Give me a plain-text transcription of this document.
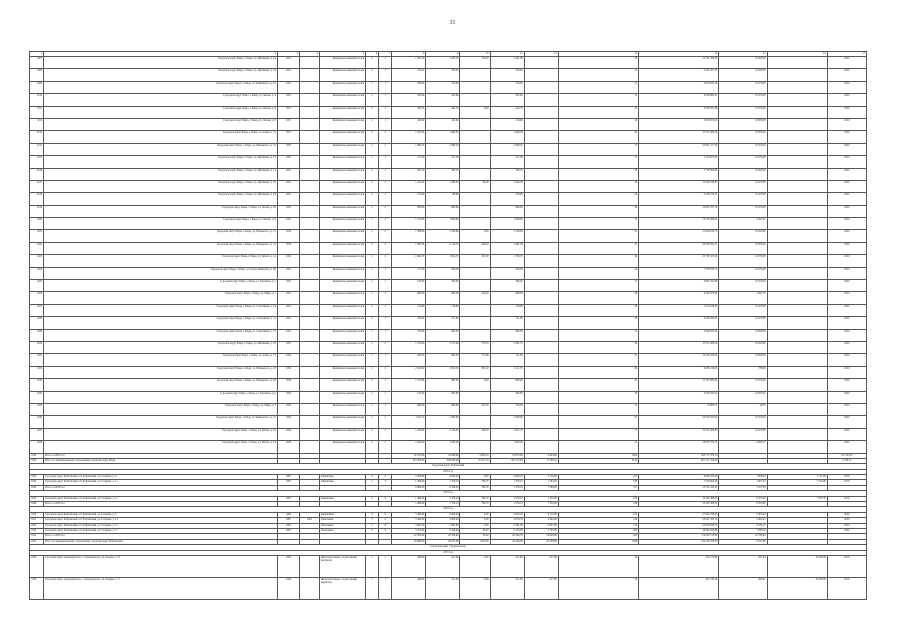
31
1	2	3	4	5	6	7	8	9	10	11	12	13	14	15	16	17
1907	Городской округ Ревда, г. Ревда, ул. Цветников, д. 22	1951		Кирпичные каменные блоки	2	1	1 565,50	1 765,10	133,40	1 431,80		38	10 167 200,00	10 000,00		2020
1908	Городской округ Ревда, г. Ревда, ул. Цветников, д. 24	1951		Кирпичные каменные блоки	2	1	578,10	559,40		559,40		21	4 405 457,20	10 000,00		2020
1909	Городской округ Ревда, г. Ревда, ул. Чайковского, д. 61	1951		Кирпичные каменные блоки	2	1	509,00	516,00		516,00		27	4 879 841,20	10 070,00		2020
1910	Городской округ Ревда, г. Ревда, ул. Чехова, д. 4	1951		Кирпичные каменные блоки	2	1	425,60	425,60		425,60		11	4 009 860,31	10 070,00		2020
1911	Городской округ Ревда, г. Ревда, ул. Чехова, д. 6	1951		Кирпичные каменные блоки	2	1	425,70	425,70	0,00	425,70		23	4 063 821,38	10 070,00		2020
1912	Городской округ Ревда, г. Ревда, ул. Чехова, д. 8	1951		Кирпичные каменные блоки	2	1	418,40	418,60		418,60		16	3 632 974,20	10 000,00		2020
1913	Городской округ Ревда, г. Ревда, ул. Азина, д. 71	1951		Кирпичные каменные блоки	2	2	1 647,90	1 606,30		1 606,30		66	10 711 400,19	10 000,00		2020
1914	Городской округ Ревда, г. Ревда, ул. Жуковского, д. 19	1953		Кирпичные каменные блоки	2	2	1 999,10	1 999,20		1 999,20		71	23 891 277,30	10 070,00		2020
1915	Городской округ Ревда, г. Ревда, ул. Цветников, д. 19	1953		Кирпичные каменные блоки	2	1	511,30	511,30		511,30		17	5 743 657,81	10 070,00		2020
1916	Городской округ Ревда, г. Ревда, ул. Цветников, д. 21	1953		Кирпичные каменные блоки	2	1	585,10	585,10		585,10		36	5 726 393,84	10 000,00		2020
1917	Городской округ Ревда, г. Ревда, ул. Цветников, д. 25	1953		Кирпичные каменные блоки	2	2	1 414,40	1 389,30	85,00	1 304,30		46	19 349 799,87	10 070,00		2020
1918	Городской округ Ревда, г. Ревда, ул. Цветников, д. 28	1953		Кирпичные каменные блоки	2	1	573,40	538,90		538,90		24	6 198 723,01	10 070,00		2020
1919	Городской округ Ревда, г. Ревда, ул. Чехова, д. 20	1953		Кирпичные каменные блоки	2	2	985,60	894,00		894,00		26	10 823 707,72	10 070,00		2020
1920	Городской округ Ревда, г. Ревда, ул. Чехова, д. 9	1953		Кирпичные каменные блоки	2	2	1 153,00	1 009,60		1 009,60		35	13 579 480,41	6 501,01		2020
1921	Городской округ Ревда, г. Ревда, ул. Жуковского, д. 15	1954		Кирпичные каменные блоки	2	2	1 588,90	1 538,00	0,00	1 538,00		31	21 684 819,75	10 000,00		2020
1922	Городской округ Ревда, г. Ревда, ул. Жуковского, д. 21	1954		Кирпичные каменные блоки	2	2	1 893,90	2 119,70	408,40	1 681,30		47	20 009 491,17	10 000,00		2020
1923	Городской округ Ревда, г. Ревда, ул. Чехова, д. 14	1954		Кирпичные каменные блоки	2	2	1 964,70	1 954,70	191,00	1 763,70		49	20 765 167,49	10 070,00		2020
1924	Городской округ Ревда, г. Ревда, ул. Карла Либкнехта, д. 96	1955		Кирпичные каменные блоки	2	1	717,20	650,20		650,20		24	7 758 535,15	10 070,00		2020
1925	Городской округ Ревда, г. Ревда, ул. Карпинск, д. 5	1955		Кирпичные каменные блоки	2	1	613,00	586,00		586,00		27	6 887 254,08	10 070,00		2020
1926	Городской округ Ревда, г. Ревда, ул. Мира, д. 1	1955		Кирпичные каменные блоки	2	2	904,90	804,20	104,20	698,82		36	9 300 672,94	1 661,70		2020
1927	Городской округ Ревда, г. Ревда, ул. Спортивная, д. 19	1955		Кирпичные каменные блоки	2	1	710,80	718,80		718,80		29	7 014 938,60	10 070,00		2020
1928	Городской округ Ревда, г. Ревда, ул. Спортивная, д. 11	1955		Кирпичные каменные блоки	2	1	763,00	721,90		721,90		28	8 248 293,91	10 070,00		2020
1929	Городской округ Ревда, г. Ревда, ул. Спортивная, д. 15	1955		Кирпичные каменные блоки	2	1	522,60	492,50		492,50		21	5 909 327,24	10 000,00		2020
1930	Городской округ Ревда, г. Ревда, ул. Цветников, д. 23	1955		Кирпичные каменные блоки	2	2	1 270,40	1 271,40	170,70	1 061,70		38	15 511 408,59	10 000,00		2020
1931	Городской округ Ревда, г. Ревда, ул. Азина, д. 71	1956		Кирпичные каменные блоки	2	1	943,30	893,50	171,60	721,90		31	10 329 415,20	10 000,00		2020
1932	Городской округ Ревда, г. Ревда, ул. Жуковского, д. 23	1956		Кирпичные каменные блоки	2	2	2 543,00	2 502,50	391,20	2 111,70		69	9 086 210,65	788,96		2020
1933	Городской округ Ревда, г. Ревда, ул. Жуковского, д. 28	1956		Кирпичные каменные блоки	2	1	1 275,80	860,00	0,00	860,00		45	12 767 685,00	10 070,00		2020
1934	Городской округ Ревда, г. Ревда, ул. Карпинск, д. 6	1956		Кирпичные каменные блоки	2	1	513,40	482,80		482,80		30	6 026 593,53	10 000,00		2020
1935	Городской округ Ревда, г. Ревда, ул. Мира, д. 3	1956		Кирпичные каменные блоки	2	1	986,90	890,90	147,50	743,40		32	70 863,71	29,35		2020
1936	Городской округ Ревда, г. Ревда, ул. Чайковского, д. 25	1956		Кирпичные каменные блоки	2	2	1 811,10	1 909,90		1 909,90		67	23 004 103,95	10 070,00		2020
1937	Городской округ Ревда, г. Ревда, ул. Чехова, д. 22	1956		Кирпичные каменные блоки	2	2	1 958,40	2 124,40	196,70	1 927,70		77	22 007 468,80	10 070,00		2020
1938	Городской округ Ревда, г. Ревда, ул. Чехова, д. 18	1958		Кирпичные каменные блоки	2	2	1 629,40	1 959,40		1 959,40		41	18 807 070,72	6 964,27		2020
1939	Итого за 2020 год						36 317,60	34 568,90	2 693,10	31 875,80	6 444,60	1006	500 757 479,13			161 145,27
1940	Итого по муниципальному образованию городской округ Ревда						312 368,60	309 363,49	67 017,10	262 115,99	17 788,52	6116	901 217 414,24			2 320,12
Городской округ Рефтинский																
2018 год																
1943	Городской округ Рефтинский, пгт Рефтинский, ул. Гагарина, д. 9	1965		Кирпичные	4	6	5 389,80	4 820,20	0,00	4 820,20	4 710,00	215	8 064 270,26	1 609,02	7 721,89	2018
1944	Городской округ Рефтинский, пгт Рефтинский, ул. Гагарина, д. 11	1967		Кирпичные	2	3	1 499,60	1 376,10	784,70	1 376,10	1 563,00	186	7 039 062,95	1 607,22	7 722,89	2018
1945	Итого за 2018 год						6 889,40	6 196,30	784,70	7 470,19	7 280,00	317	14 791 241,23	3 357,94		
2019 год																
1947	Городской округ Рефтинский, пгт Рефтинский, ул. Гагарина, д. 11	1967		Кирпичные	2	6	1 499,60	1 376,10	784,70	1 570,10	1 350,00	186	10 265 388,30	6 853,06	7 232,79	2019
1948	Итого за 2019 год						1 499,60	1 376,10	784,70	1 570,10	1 350,00	186	10 265 388,30	6 853,06		
2020 год																
1950	Городской округ Рефтинский, пгт Рефтинский, ул. Гагарина, д. 5	1966		Кирпичные	4	6	5 389,80	4 820,20	0,00	4 820,20	4 710,00	215	27 964 708,45	5 803,04		2020
1951	Городской округ Рефтинский, пгт Рефтинский, ул. Гагарина, д. 14	1967	2001	Панельные	5	6	5 940,90	5 000,20	0,00	4 876,70	4 442,00	216	23 041 353,72	2 804,25		2020
1952	Городской округ Рефтинский, пгт Рефтинский, ул. Гагарина, д. 12	1967		Панельные	5	6	5 897,50	5 491,80	0,00	5 491,80	5 041,00	214	24 093 658,75	6 783,17		2020
1953	Городской округ Рефтинский, пгт Рефтинский, ул. Гагарина, д. 17	1967		Панельные	5	6	5 271,80	5 146,40	63,40	5 176,00	2 735,00	200	38 992 432,88	7 098,18		2020
1954	Итого за 2020 год						22 500,00	20 458,60	63,40	20 364,70	16 928,00	845	114 092 153,80	22 788,64		
1955	Итого по муниципальному образованию городской округ Рефтинский						30 889,00	28 031,00	1 632,80	29 404,99	25 558,00	1348	139 148 783,33	9 551,60		
Городской округ Среднеуральск																
2018 год																
1958	Городской округ Среднеуральск, г. Среднеуральск, ул. Корнея, д. 75	1929		Железобетонные с отделочными кирпичом	2	1	438,00	417,90	0,00	417,90	417,90	18	234 773,89	561,84	10 600,00	2018
1959	Городской округ Среднеуральск, г. Среднеуральск, ул. Корнея, д. 77	1928		Железобетонные с отделочными кирпичом	2	1	446,00	417,90	0,00	417,90	417,90	29	241 743,18	493,41	10 600,00	2018
